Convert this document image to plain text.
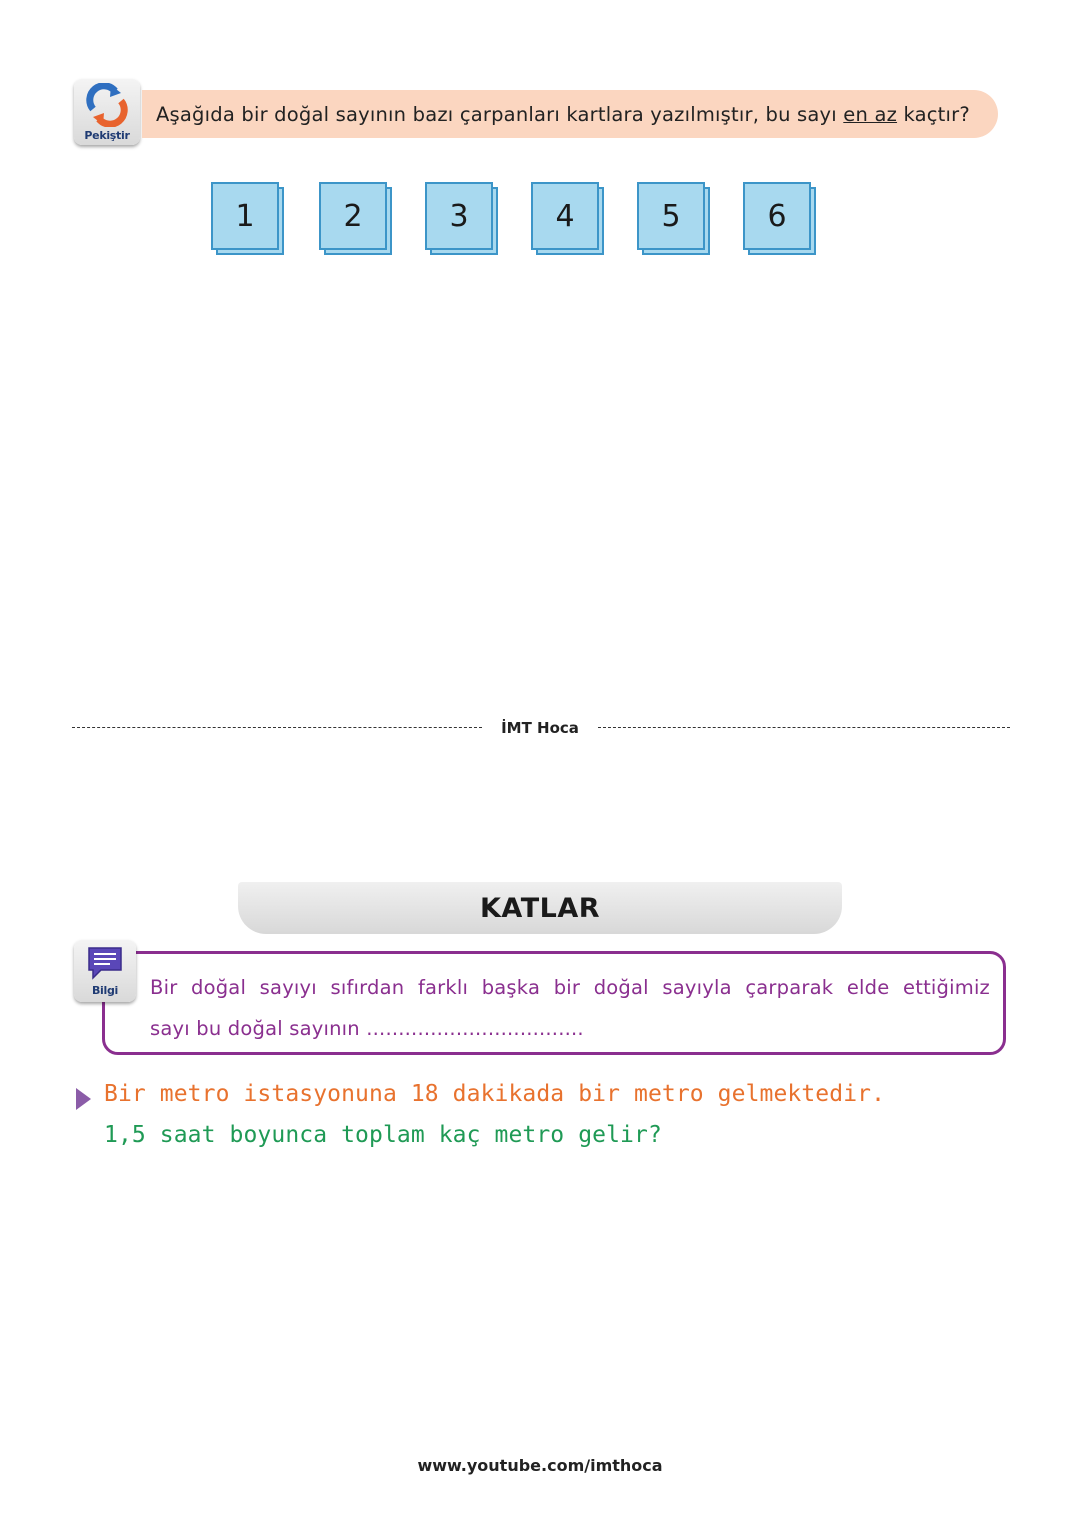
Pekiştir
Aşağıda bir doğal sayının bazı çarpanları kartlara yazılmıştır, bu sayı en az kaçtır?
1	2	3	4	5	6
İMT Hoca
KATLAR
Bilgi Bir doğal sayıyı sıfırdan farklı başka bir doğal sayıyla çarparak elde ettiğimiz
sayı bu doğal sayının ..................................
Bir metro istasyonuna 18 dakikada bir metro gelmektedir.
1,5 saat boyunca toplam kaç metro gelir?
www.youtube.com/imthoca
